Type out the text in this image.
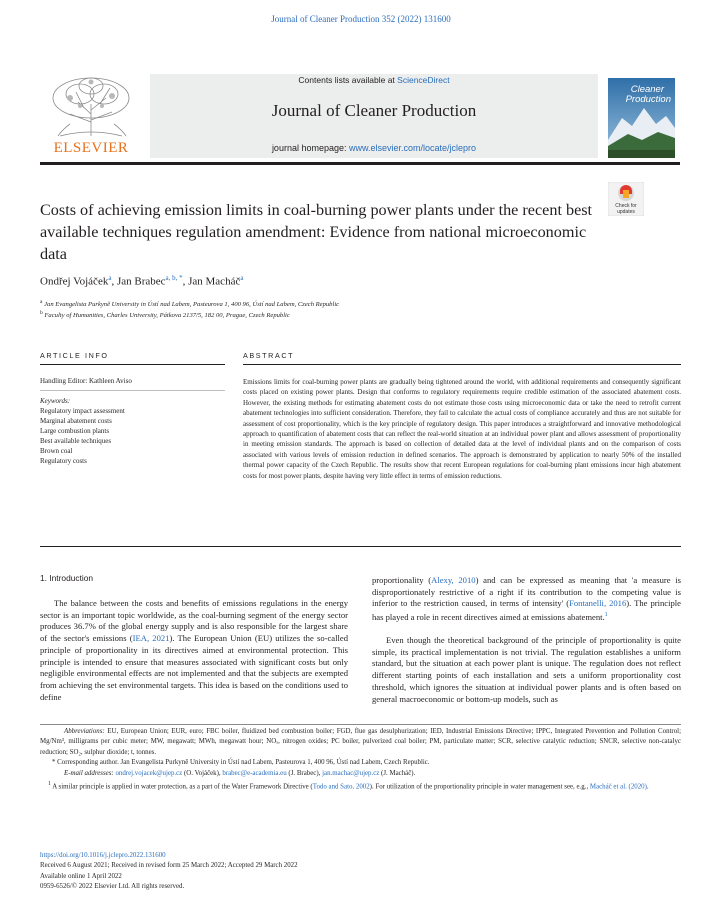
Journal of Cleaner Production 352 (2022) 131600
ELSEVIER
Contents lists available at ScienceDirect
Journal of Cleaner Production
journal homepage: www.elsevier.com/locate/jclepro
Cleaner
Production
Check for
updates
Costs of achieving emission limits in coal-burning power plants under the recent best available techniques regulation amendment: Evidence from national microeconomic data
Ondřej Vojáček$^a$, Jan Brabec$^{a, b, *}$, Jan Macháč$^a$
$^a$ Jan Evangelista Purkyně University in Ústí nad Labem, Pasteurova 1, 400 96, Ústí nad Labem, Czech Republic
$^b$ Faculty of Humanities, Charles University, Pátkova 2137/5, 182 00, Prague, Czech Republic
ARTICLE INFO	ABSTRACT
Handling Editor: Kathleen Aviso
Keywords:
Regulatory impact assessment
Marginal abatement costs
Large combustion plants
Best available techniques
Brown coal
Regulatory costs
Emissions limits for coal-burning power plants are gradually being tightened around the world, with additional requirements and consequently significant costs placed on existing power plants. Design that conforms to regulatory requirements require credible estimation of the associated abatement costs. However, the existing methods for estimating abatement costs do not estimate those costs using microeconomic data or take the need to retrofit current abatement technologies into sufficient consideration. Therefore, they fail to calculate the actual costs of compliance accurately and thus are not suitable for assessment of cost proportionality, which is the key principle of regulatory design. This paper introduces a straightforward and innovative methodological approach to quantification of abatement costs that can reflect the real-world situation at an individual power plant and allows assessment of proportionality in meeting emission standards. The approach is based on collection of detailed data at the level of individual plants and on the comparison of costs associated with various levels of emission reduction in defined scenarios. The approach is demonstrated by application to nearly 50% of the installed thermal power capacity of the Czech Republic. The results show that recent European regulations for coal-burning plant emissions incur high abatement costs for most power plants, despite having very little effect in terms of emission reductions.
1. Introduction
The balance between the costs and benefits of emissions regulations in the energy sector is an important topic worldwide, as the coal-burning segment of the energy sector produces 36.7% of the global energy supply and is also responsible for the largest share of the sector's emissions (IEA, 2021). The European Union (EU) utilizes the so-called principle of proportionality in its directives aimed at environmental protection. This principle is intended to ensure that measures associated with significant costs but only negligible environmental effects are not implemented and that the subjects are exempted from achieving the set environmental targets. This idea is based on the conditions used to define
proportionality (Alexy, 2010) and can be expressed as meaning that 'a measure is disproportionately restrictive of a right if its contribution to the competing value is inferior to the restriction caused, in terms of intensity' (Fontanelli, 2016). The principle has played a role in recent directives aimed at emissions abatement.$^1$
Even though the theoretical background of the principle of proportionality is quite simple, its practical implementation is not trivial. The regulation establishes a uniform standard, but the situation at each power plant is unique. The regulation does not reflect different starting points of each installation and sets a uniform proportionality cost threshold, which ignores the situation at individual power plants and is often based on general macroeconomic or bottom-up models, such as
Abbreviations: EU, European Union; EUR, euro; FBC boiler, fluidized bed combustion boiler; FGD, flue gas desulphurization; IED, Industrial Emissions Directive; IPPC, Integrated Prevention and Pollution Control; Mg/Nm³, milligrams per cubic meter; MW, megawatt; MWh, megawatt hour; NOₓ, nitrogen oxides; PC boiler, pulverized coal boiler; PM, particulate matter; SCR, selective catalytic reduction; SNCR, selective non-catalyc reduction; SO₂, sulphur dioxide; t, tonnes.
* Corresponding author. Jan Evangelista Purkyně University in Ústí nad Labem, Pasteurova 1, 400 96, Ústí nad Labem, Czech Republic.
E-mail addresses: ondrej.vojacek@ujep.cz (O. Vojáček), brabec@e-academia.eu (J. Brabec), jan.machac@ujep.cz (J. Macháč).
$^1$ A similar principle is applied in water protection, as a part of the Water Framework Directive (Todo and Sato, 2002). For utilization of the proportionality principle in water management see, e.g., Macháč et al. (2020).
https://doi.org/10.1016/j.jclepro.2022.131600
Received 6 August 2021; Received in revised form 25 March 2022; Accepted 29 March 2022
Available online 1 April 2022
0959-6526/© 2022 Elsevier Ltd. All rights reserved.
